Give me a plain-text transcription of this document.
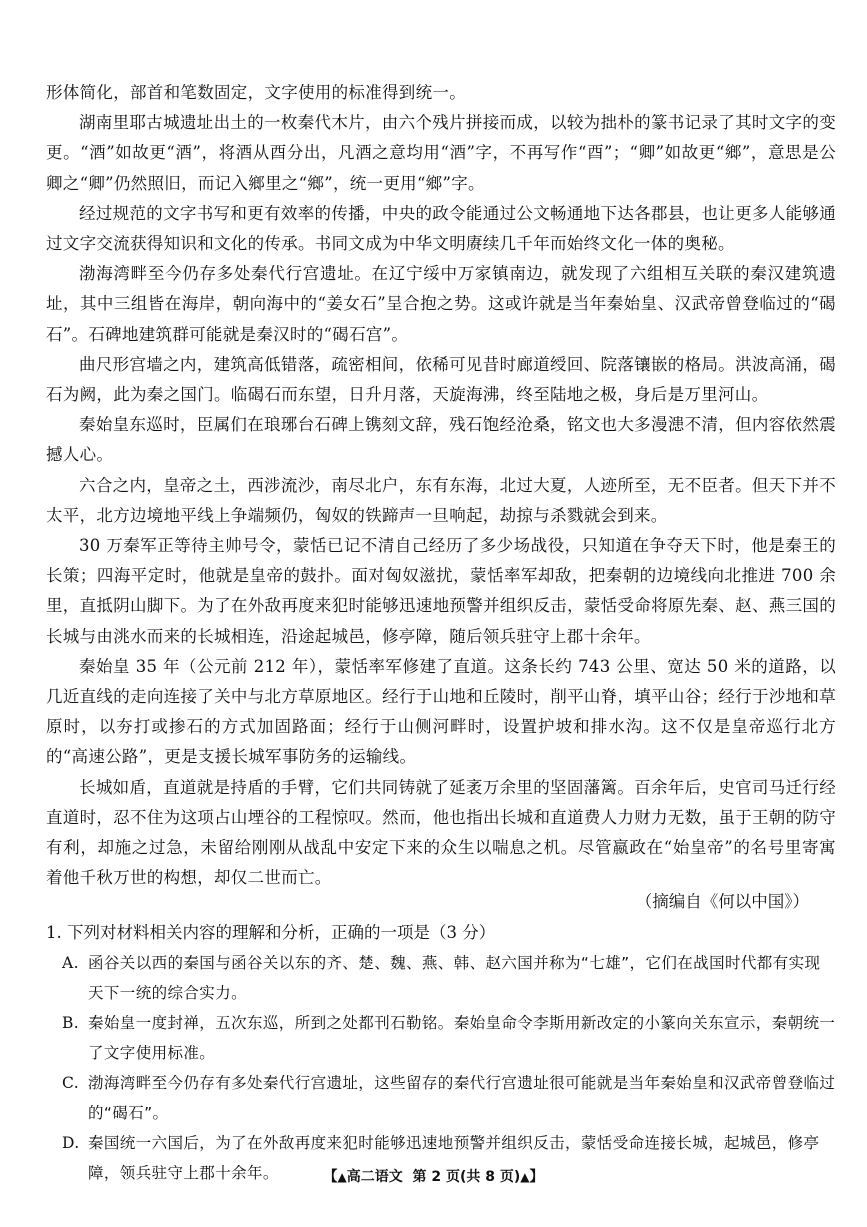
形体简化，部首和笔数固定，文字使用的标准得到统一。

湖南里耶古城遗址出土的一枚秦代木片，由六个残片拼接而成，以较为拙朴的篆书记录了其时文字的变更。“酒”如故更“酒”，将酒从酉分出，凡酒之意均用“酒”字，不再写作“酉”；“卿”如故更“鄉”，意思是公卿之“卿”仍然照旧，而记入鄉里之“鄉”，统一更用“鄉”字。

经过规范的文字书写和更有效率的传播，中央的政令能通过公文畅通地下达各郡县，也让更多人能够通过文字交流获得知识和文化的传承。书同文成为中华文明赓续几千年而始终文化一体的奥秘。

渤海湾畔至今仍存多处秦代行宫遗址。在辽宁绥中万家镇南边，就发现了六组相互关联的秦汉建筑遗址，其中三组皆在海岸，朝向海中的“姜女石”呈合抱之势。这或许就是当年秦始皇、汉武帝曾登临过的“碣石”。石碑地建筑群可能就是秦汉时的“碣石宫”。

曲尺形宫墙之内，建筑高低错落，疏密相间，依稀可见昔时廊道绶回、院落镶嵌的格局。洪波高涌，碣石为阙，此为秦之国门。临碣石而东望，日升月落，天旋海沸，终至陆地之极，身后是万里河山。

秦始皇东巡时，臣属们在琅琊台石碑上镌刻文辞，残石饱经沧桑，铭文也大多漫漶不清，但内容依然震撼人心。

六合之内，皇帝之土，西涉流沙，南尽北户，东有东海，北过大夏，人迹所至，无不臣者。但天下并不太平，北方边境地平线上争端频仍，匈奴的铁蹄声一旦响起，劫掠与杀戮就会到来。

30 万秦军正等待主帅号令，蒙恬已记不清自己经历了多少场战役，只知道在争夺天下时，他是秦王的长策；四海平定时，他就是皇帝的鼓扑。面对匈奴滋扰，蒙恬率军却敌，把秦朝的边境线向北推进 700 余里，直抵阴山脚下。为了在外敌再度来犯时能够迅速地预警并组织反击，蒙恬受命将原先秦、赵、燕三国的长城与由洮水而来的长城相连，沿途起城邑，修亭障，随后领兵驻守上郡十余年。

秦始皇 35 年（公元前 212 年），蒙恬率军修建了直道。这条长约 743 公里、宽达 50 米的道路，以几近直线的走向连接了关中与北方草原地区。经行于山地和丘陵时，削平山脊，填平山谷；经行于沙地和草原时，以夯打或掺石的方式加固路面；经行于山侧河畔时，设置护坡和排水沟。这不仅是皇帝巡行北方的“高速公路”，更是支援长城军事防务的运输线。

长城如盾，直道就是持盾的手臂，它们共同铸就了延袤万余里的坚固藩篱。百余年后，史官司马迁行经直道时，忍不住为这项占山堙谷的工程惊叹。然而，他也指出长城和直道费人力财力无数，虽于王朝的防守有利，却施之过急，未留给刚刚从战乱中安定下来的众生以喘息之机。尽管嬴政在“始皇帝”的名号里寄寓着他千秋万世的构想，却仅二世而亡。

（摘编自《何以中国》）

1. 下列对材料相关内容的理解和分析，正确的一项是（3 分）

A. 函谷关以西的秦国与函谷关以东的齐、楚、魏、燕、韩、赵六国并称为“七雄”，它们在战国时代都有实现天下一统的综合实力。

B. 秦始皇一度封禅，五次东巡，所到之处都刊石勒铭。秦始皇命令李斯用新改定的小篆向关东宣示，秦朝统一了文字使用标准。

C. 渤海湾畔至今仍存有多处秦代行宫遗址，这些留存的秦代行宫遗址很可能就是当年秦始皇和汉武帝曾登临过的“碣石”。

D. 秦国统一六国后，为了在外敌再度来犯时能够迅速地预警并组织反击，蒙恬受命连接长城，起城邑，修亭障，领兵驻守上郡十余年。	【▲高二语文 第 2 页(共 8 页)▲】
